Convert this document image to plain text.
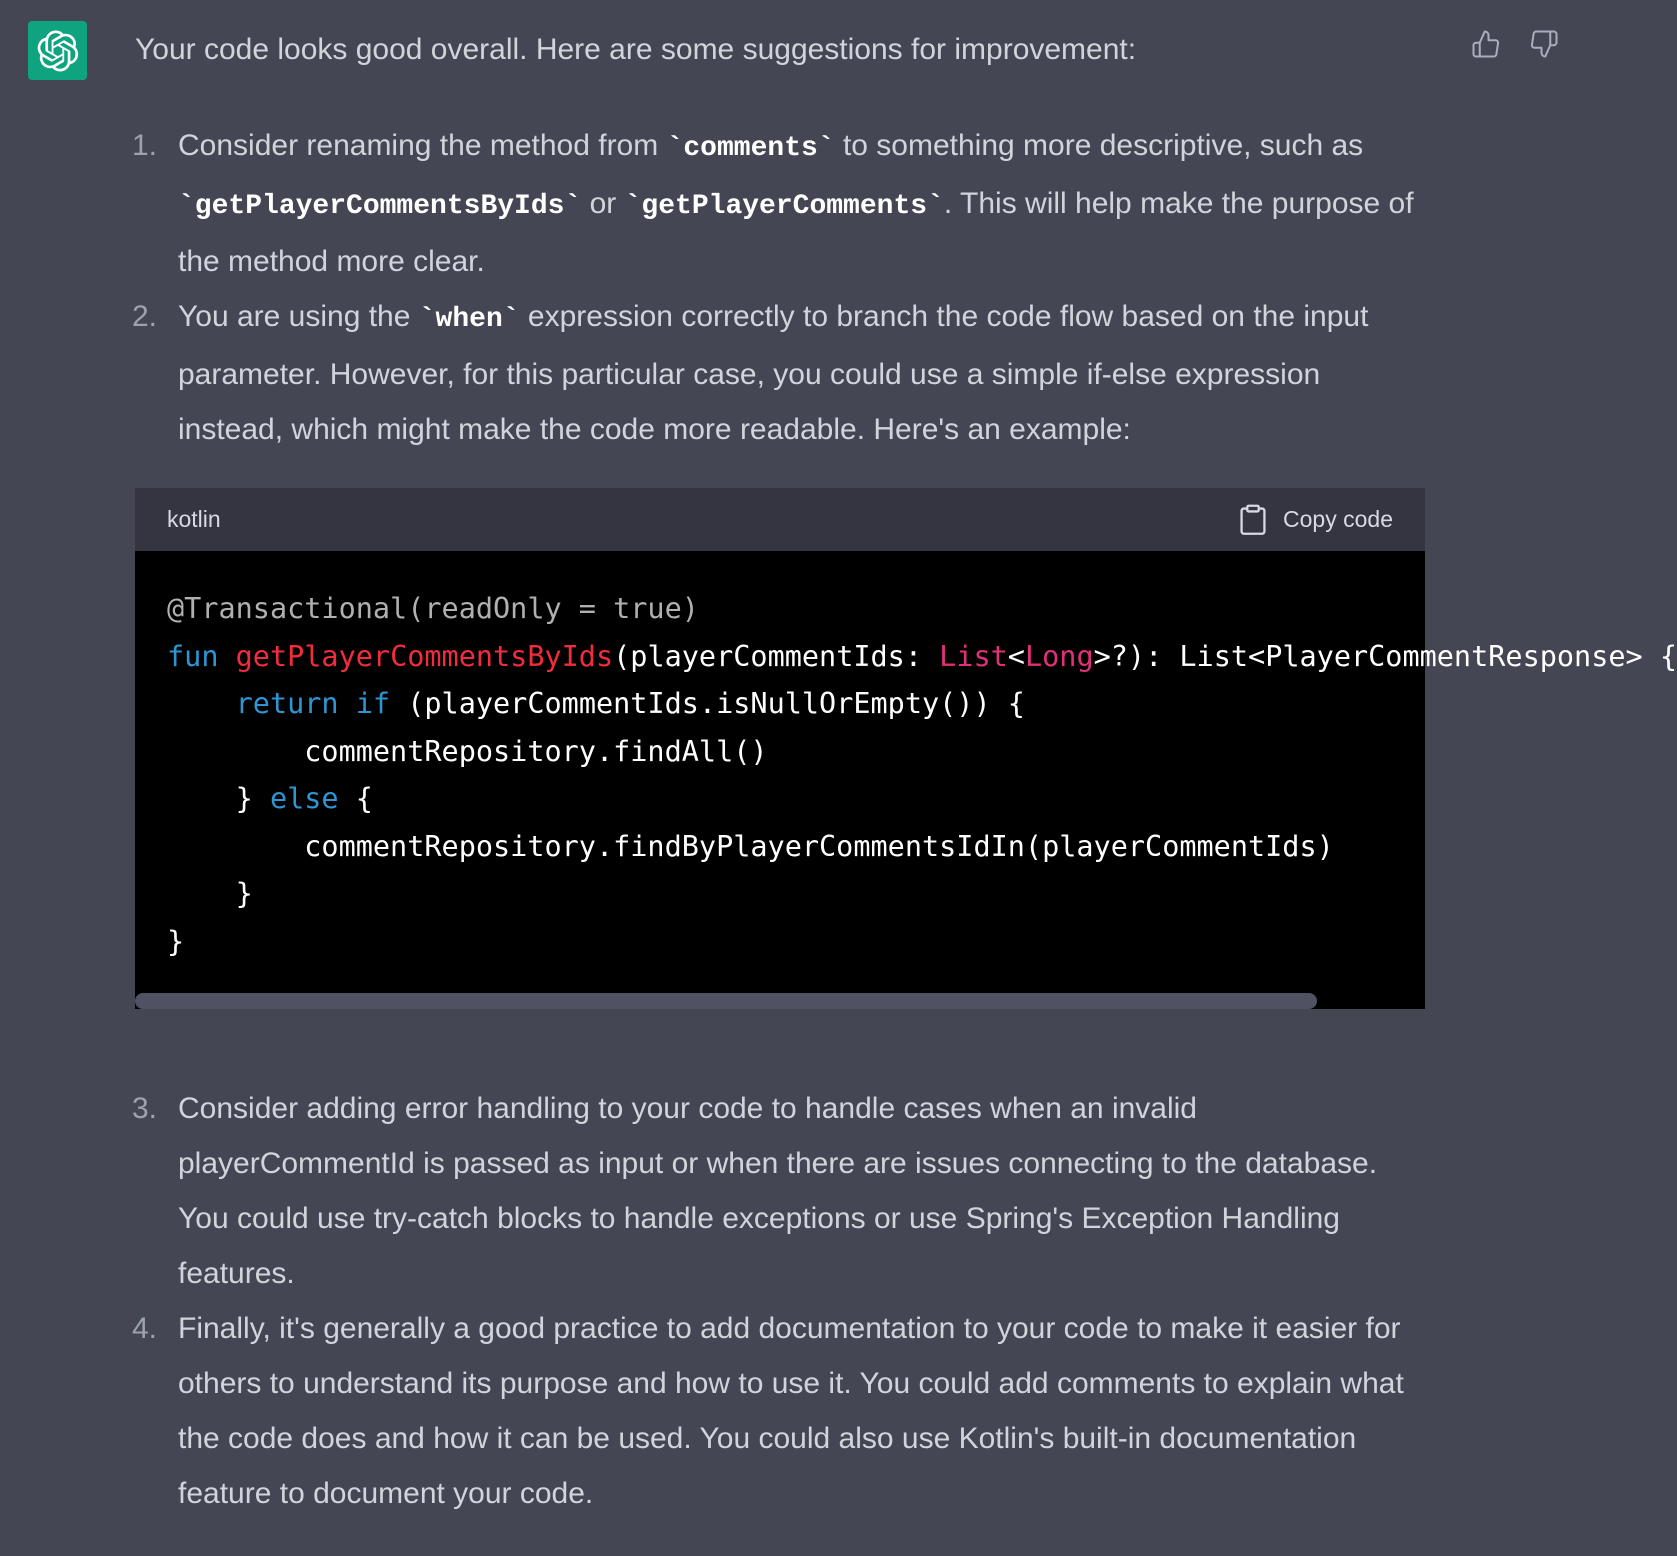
Your code looks good overall. Here are some suggestions for improvement:

1. Consider renaming the method from `comments` to something more descriptive, such as `getPlayerCommentsByIds` or `getPlayerComments`. This will help make the purpose of the method more clear.
2. You are using the `when` expression correctly to branch the code flow based on the input parameter. However, for this particular case, you could use a simple if-else expression instead, which might make the code more readable. Here's an example:
kotlin	Copy code
@Transactional(readOnly = true)
fun getPlayerCommentsByIds(playerCommentIds: List<Long>?): List<PlayerCommentResponse> {
return if (playerCommentIds.isNullOrEmpty()) {
commentRepository.findAll()
} else {
commentRepository.findByPlayerCommentsIdIn(playerCommentIds)
}
}
3. Consider adding error handling to your code to handle cases when an invalid playerCommentId is passed as input or when there are issues connecting to the database. You could use try-catch blocks to handle exceptions or use Spring's Exception Handling features.
4. Finally, it's generally a good practice to add documentation to your code to make it easier for others to understand its purpose and how to use it. You could add comments to explain what the code does and how it can be used. You could also use Kotlin's built-in documentation feature to document your code.
